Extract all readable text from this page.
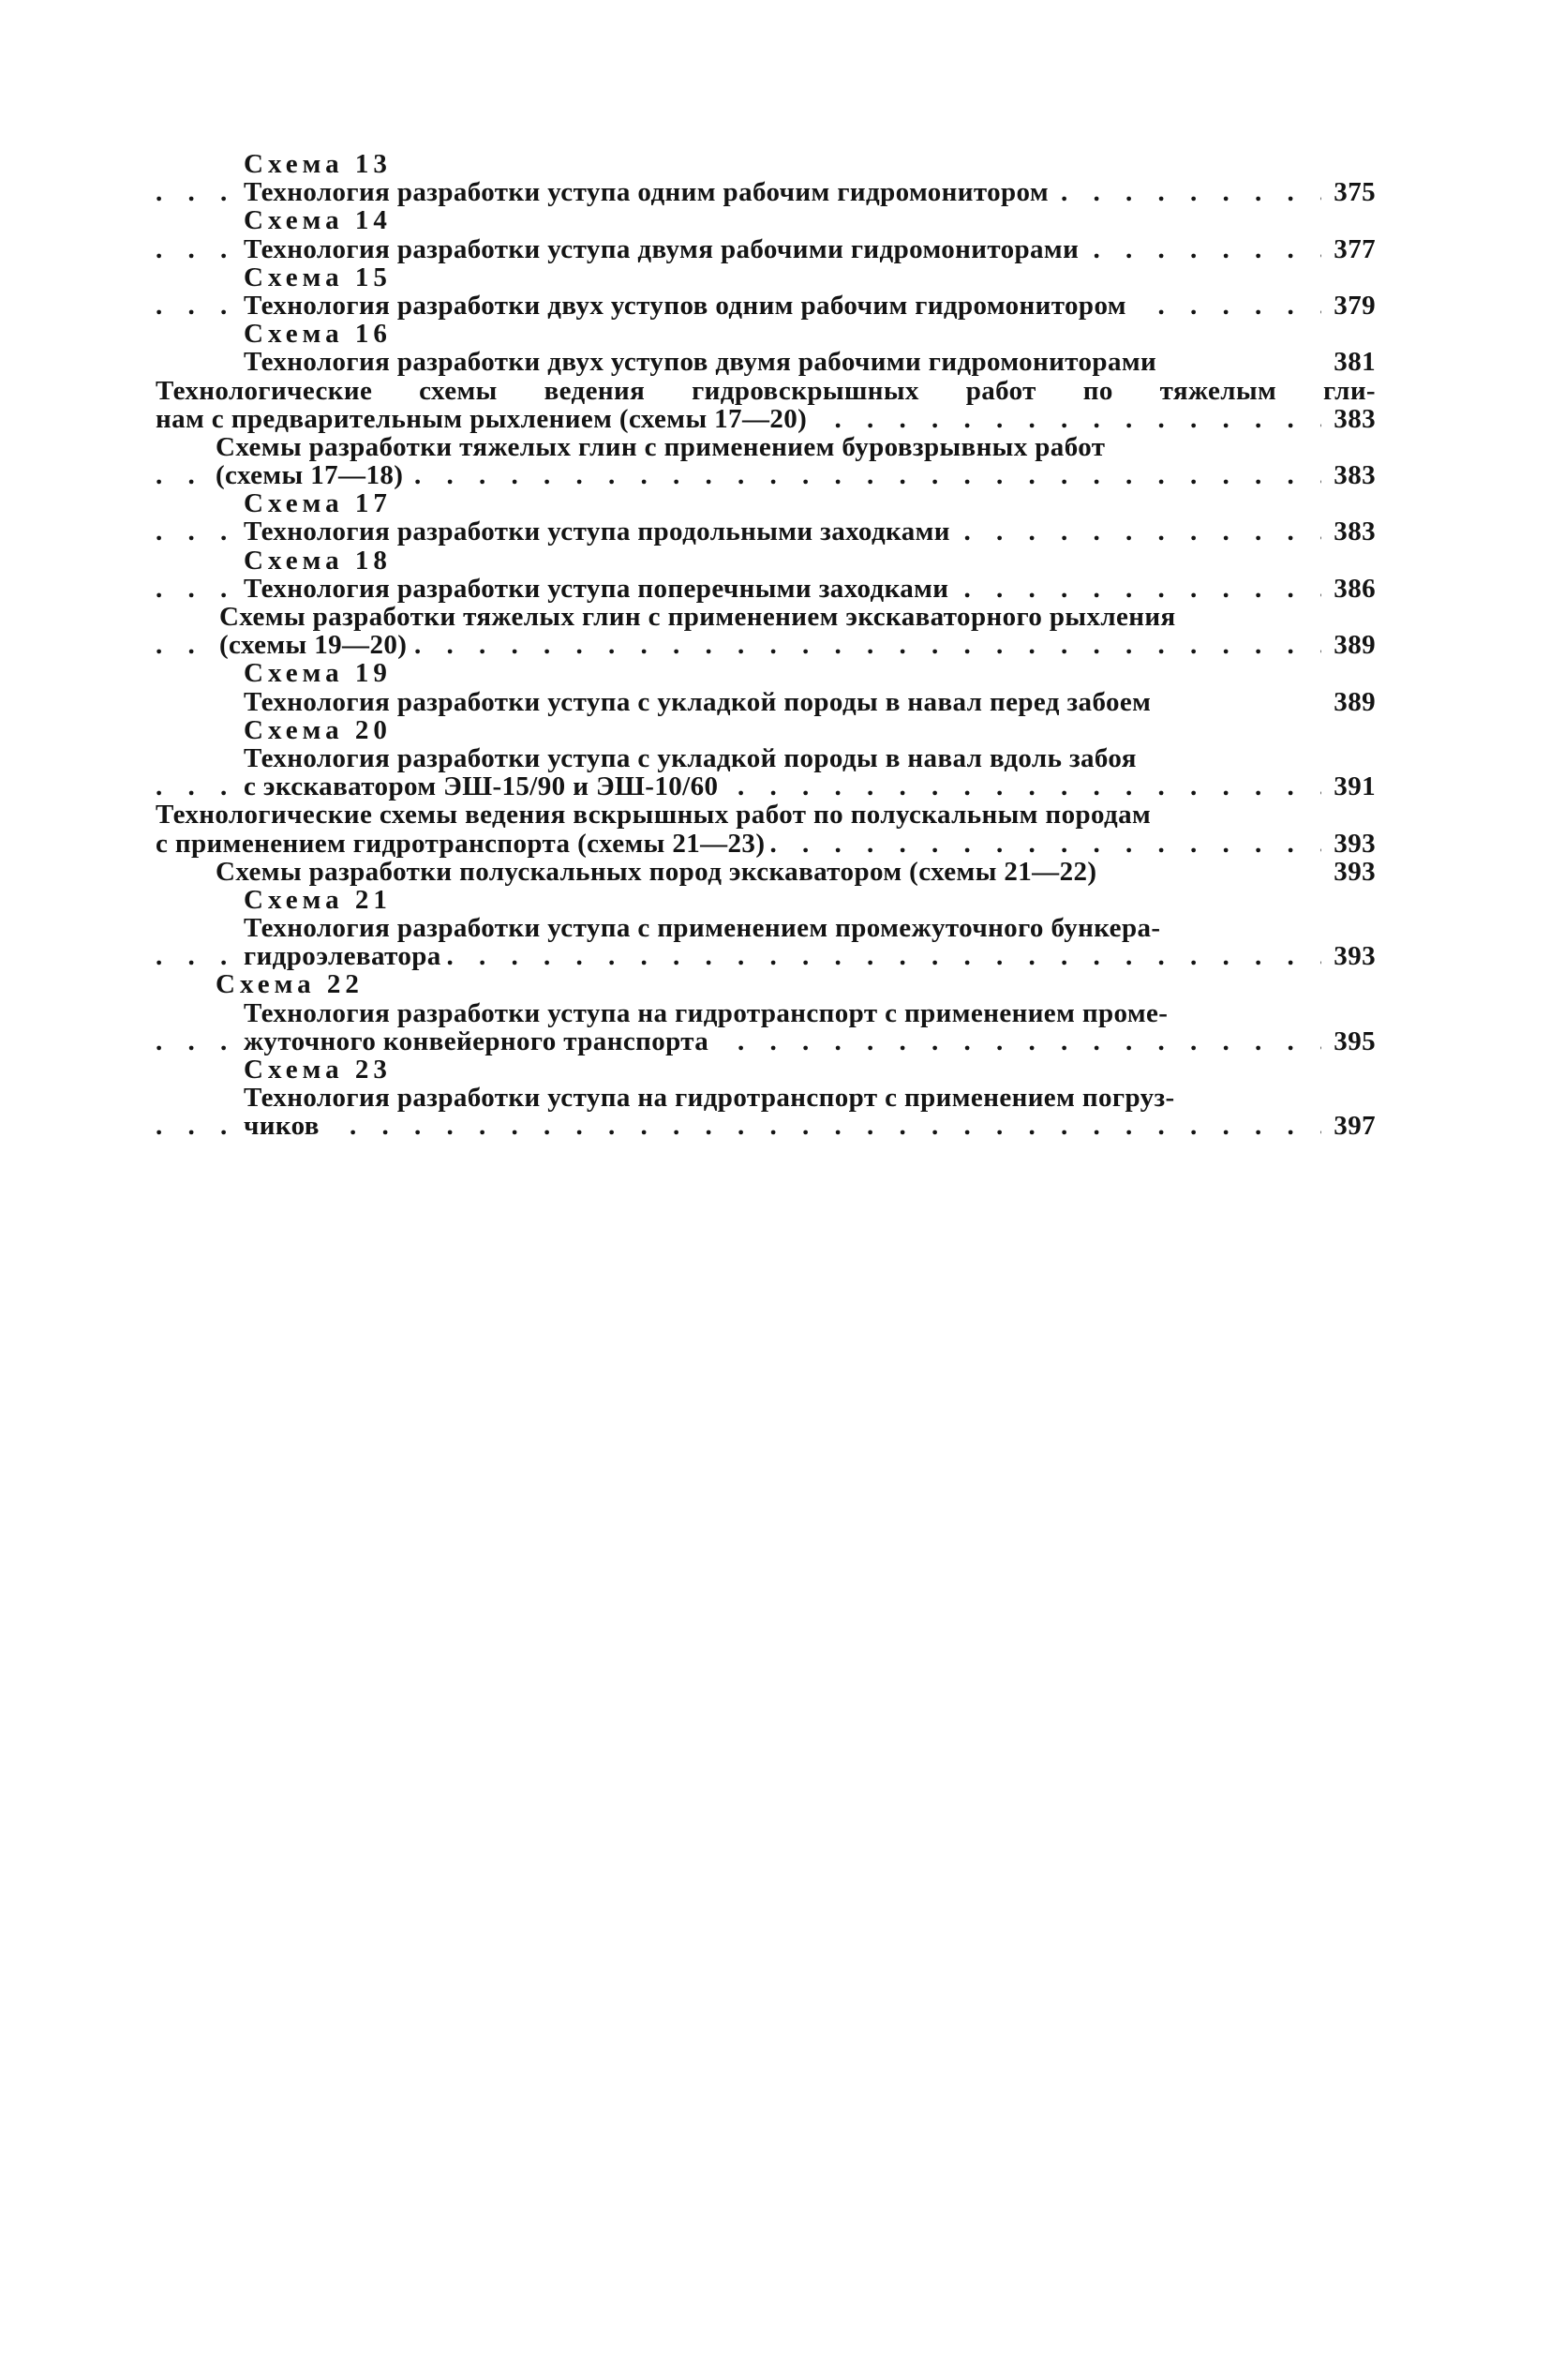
Схема 13
. . . Технология разработки уступа одним рабочим гидромонитором	375
Схема 14
. . . Технология разработки уступа двумя рабочими гидромониторами	377
Схема 15
. . . Технология разработки двух уступов одним рабочим гидромонитором	379
Схема 16
Технология разработки двух уступов двумя рабочими гидромониторами	381
Технологические схемы ведения гидровскрышных работ по тяжелым гли-
. . . нам с предварительным рыхлением (схемы 17—20)	383
Схемы разработки тяжелых глин с применением буровзрывных работ
. . . (схемы 17—18)	383
Схема 17
. . . Технология разработки уступа продольными заходками	383
Схема 18
. . . Технология разработки уступа поперечными заходками	386
Схемы разработки тяжелых глин с применением экскаваторного рыхления
. . . (схемы 19—20)	389
Схема 19
Технология разработки уступа с укладкой породы в навал перед забоем	389
Схема 20
Технология разработки уступа с укладкой породы в навал вдоль забоя
. . . с экскаватором ЭШ-15/90 и ЭШ-10/60	391
Технологические схемы ведения вскрышных работ по полускальным породам
. . . с применением гидротранспорта (схемы 21—23)	393
Схемы разработки полускальных пород экскаватором (схемы 21—22)	393
Схема 21
Технология разработки уступа с применением промежуточного бункера-
. . . гидроэлеватора	393
Схема 22
Технология разработки уступа на гидротранспорт с применением проме-
. . . жуточного конвейерного транспорта	395
Схема 23
Технология разработки уступа на гидротранспорт с применением погруз-
. . . чиков	397
